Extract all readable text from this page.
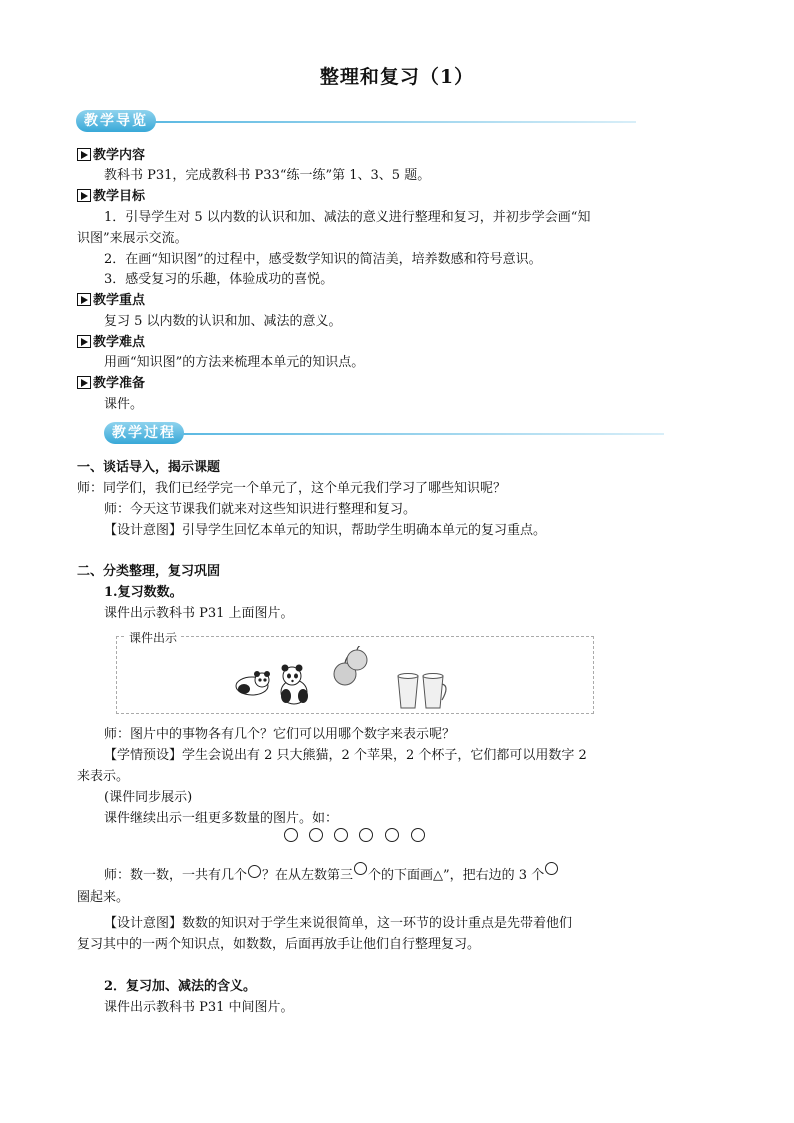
整理和复习（1）
教学导览
教学内容
教科书 P31，完成教科书 P33“练一练”第 1、3、5 题。
教学目标
1．引导学生对 5 以内数的认识和加、减法的意义进行整理和复习，并初步学会画“知
识图”来展示交流。
2．在画“知识图”的过程中，感受数学知识的简洁美，培养数感和符号意识。
3．感受复习的乐趣，体验成功的喜悦。
教学重点
复习 5 以内数的认识和加、减法的意义。
教学难点
用画“知识图”的方法来梳理本单元的知识点。
教学准备
课件。
教学过程
一、谈话导入，揭示课题
师：同学们，我们已经学完一个单元了，这个单元我们学习了哪些知识呢？
师：今天这节课我们就来对这些知识进行整理和复习。
【设计意图】引导学生回忆本单元的知识，帮助学生明确本单元的复习重点。
二、分类整理，复习巩固
1.复习数数。
课件出示教科书 P31 上面图片。
课件出示
师：图片中的事物各有几个？它们可以用哪个数字来表示呢？
【学情预设】学生会说出有 2 只大熊猫，2 个苹果，2 个杯子，它们都可以用数字 2
来表示。
(课件同步展示)
课件继续出示一组更多数量的图片。如：
师：数一数，一共有几个 ？在从左数第三 个的下面画△”，把右边的 3 个
圈起来。
【设计意图】数数的知识对于学生来说很简单，这一环节的设计重点是先带着他们
复习其中的一两个知识点，如数数，后面再放手让他们自行整理复习。
2．复习加、减法的含义。
课件出示教科书 P31 中间图片。
